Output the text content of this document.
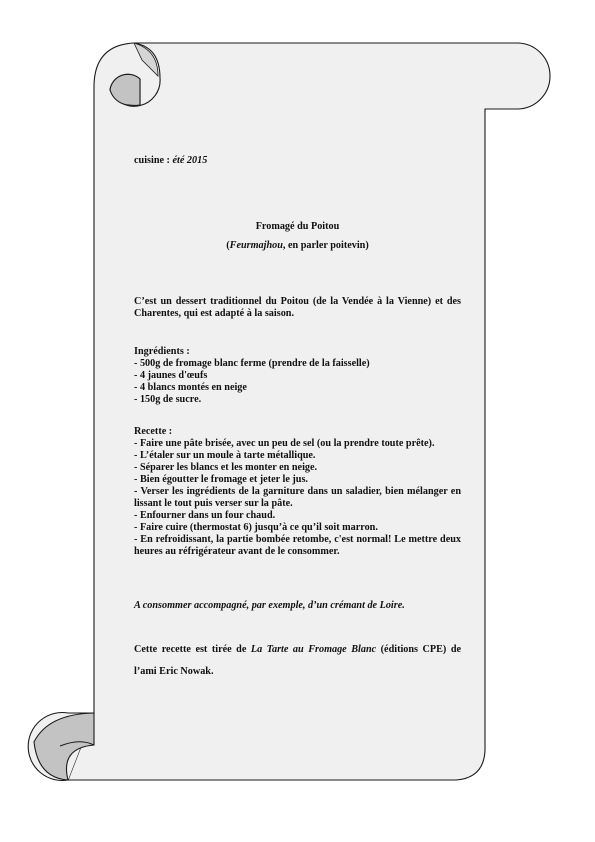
cuisine : été 2015
Fromagé du Poitou
(Feurmajhou, en parler poitevin)
C’est un dessert traditionnel du Poitou (de la Vendée à la Vienne) et des Charentes, qui est adapté à la saison.
Ingrédients :
- 500g de fromage blanc ferme (prendre de la faisselle)
- 4 jaunes d'œufs
- 4 blancs montés en neige
- 150g de sucre.
Recette :
- Faire une pâte brisée, avec un peu de sel (ou la prendre toute prête).
- L’étaler sur un moule à tarte métallique.
- Séparer les blancs et les monter en neige.
- Bien égoutter le fromage et jeter le jus.
- Verser les ingrédients de la garniture dans un saladier, bien mélanger en lissant le tout puis verser sur la pâte.
- Enfourner dans un four chaud.
- Faire cuire (thermostat 6) jusqu’à ce qu’il soit marron.
- En refroidissant, la partie bombée retombe, c'est normal! Le mettre deux heures au réfrigérateur avant de le consommer.
A consommer accompagné, par exemple, d’un crémant de Loire.
Cette recette est tirée de La Tarte au Fromage Blanc (éditions CPE) de l’ami Eric Nowak.
